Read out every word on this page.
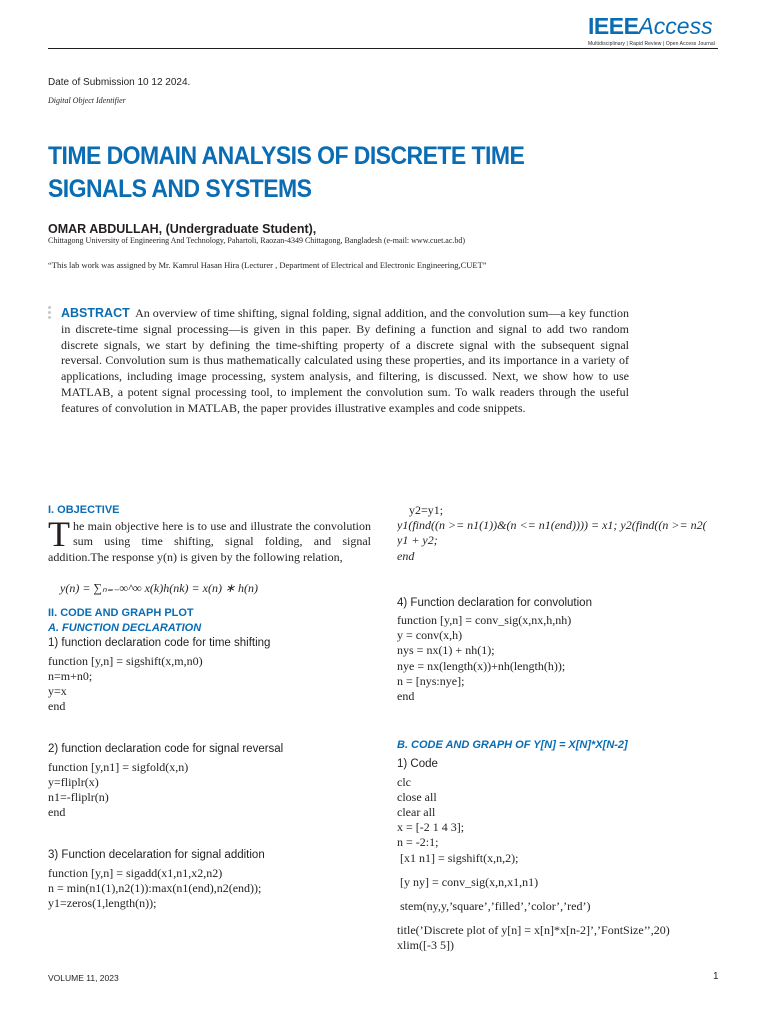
IEEEAccess
Multidisciplinary | Rapid Review | Open Access Journal
Date of Submission 10 12 2024.
Digital Object Identifier
TIME DOMAIN ANALYSIS OF DISCRETE TIME
SIGNALS AND SYSTEMS
OMAR ABDULLAH, (Undergraduate Student),
Chittagong University of Engineering And Technology, Pahartoli, Raozan-4349 Chittagong, Bangladesh (e-mail: www.cuet.ac.bd)
“This lab work was assigned by Mr. Kamrul Hasan Hira (Lecturer , Department of Electrical and Electronic Engineering,CUET”
ABSTRACT An overview of time shifting, signal folding, signal addition, and the convolution sum—a key function in discrete-time signal processing—is given in this paper. By defining a function and signal to add two random discrete signals, we start by defining the time-shifting property of a discrete signal with the subsequent signal reversal. Convolution sum is thus mathematically calculated using these properties, and its importance in a variety of applications, including image processing, system analysis, and filtering, is discussed. Next, we show how to use MATLAB, a potent signal processing tool, to implement the convolution sum. To walk readers through the useful features of convolution in MATLAB, the paper provides illustrative examples and code snippets.
I. OBJECTIVE
The main objective here is to use and illustrate the convolution sum using time shifting, signal folding, and signal addition.The response y(n) is given by the following relation,
y(n) = ∑ₙ₌₋∞^∞ x(k)h(nk) = x(n) ∗ h(n)
II. CODE AND GRAPH PLOT
A. FUNCTION DECLARATION
1) function declaration code for time shifting
function [y,n] = sigshift(x,m,n0)
n=m+n0;
y=x
end
2) function declaration code for signal reversal
function [y,n1] = sigfold(x,n)
y=fliplr(x)
n1=-fliplr(n)
end
3) Function decelaration for signal addition
function [y,n] = sigadd(x1,n1,x2,n2)
n = min(n1(1),n2(1)):max(n1(end),n2(end));
y1=zeros(1,length(n));
y2=y1;
y1(find((n >= n1(1))&(n <= n1(end)))) = x1; y2(find((n >= n2(
y1 + y2;
end
4) Function declaration for convolution
function [y,n] = conv_sig(x,nx,h,nh)
y = conv(x,h)
nys = nx(1) + nh(1);
nye = nx(length(x))+nh(length(h));
n = [nys:nye];
end
B. CODE AND GRAPH OF Y[N] = X[N]*X[N-2]
1) Code
clc
close all
clear all
x = [-2 1 4 3];
n = -2:1;
[x1 n1] = sigshift(x,n,2);
[y ny] = conv_sig(x,n,x1,n1)
stem(ny,y,’square’,’filled’,’color’,’red’)
title(’Discrete plot of y[n] = x[n]*x[n-2]’,’FontSize’’,20)
xlim([-3 5])
VOLUME 11, 2023	1
